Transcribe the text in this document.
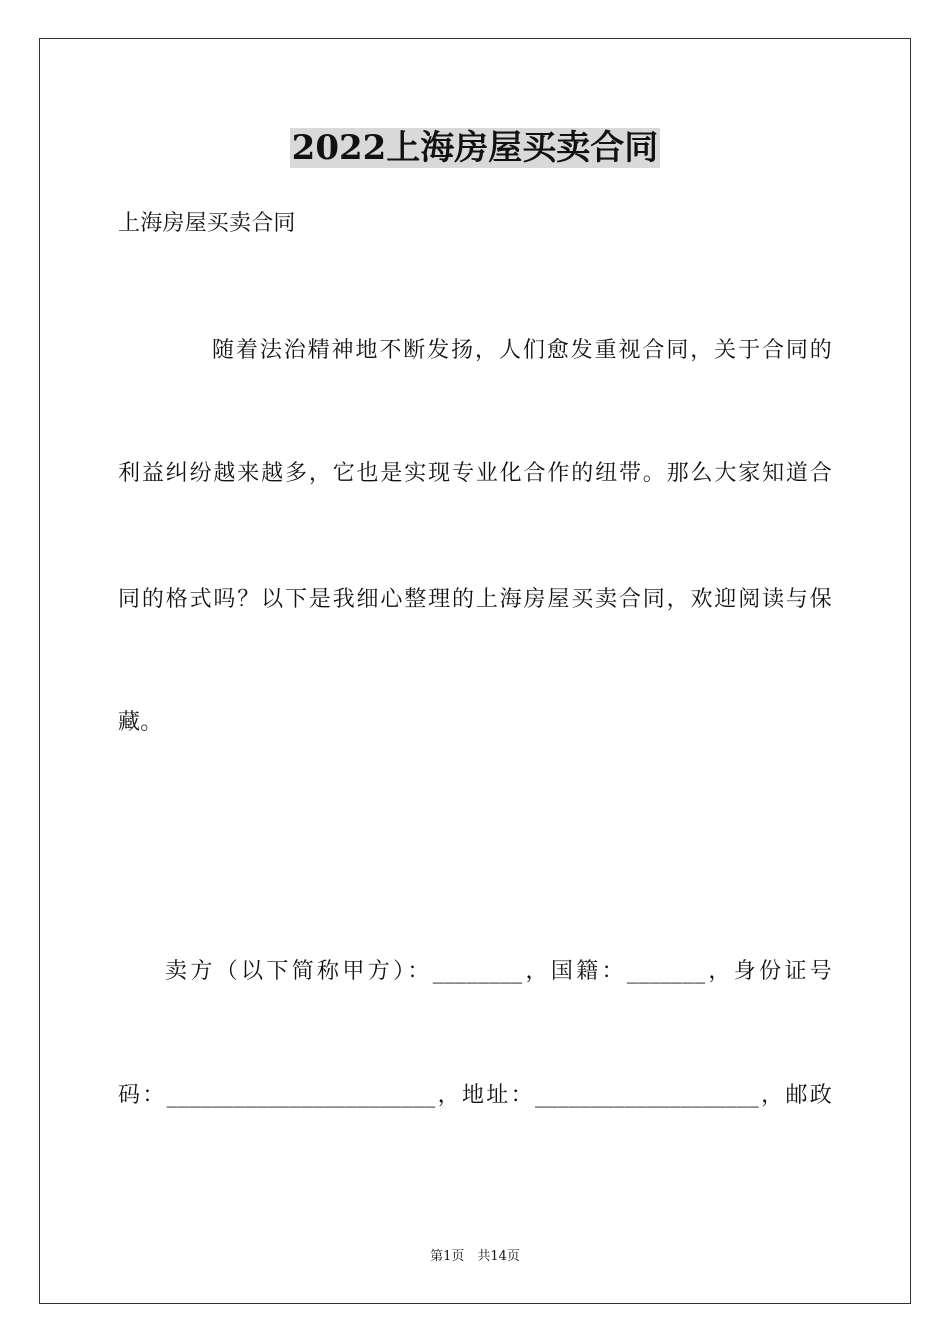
2022上海房屋买卖合同
上海房屋买卖合同
随着法治精神地不断发扬，人们愈发重视合同，关于合同的
利益纠纷越来越多，它也是实现专业化合作的纽带。那么大家知道合
同的格式吗？以下是我细心整理的上海房屋买卖合同，欢迎阅读与保
藏。
卖方（以下简称甲方）：________，国籍：_______，身份证号
码：________________________，地址：____________________，邮政
第1页　共14页
